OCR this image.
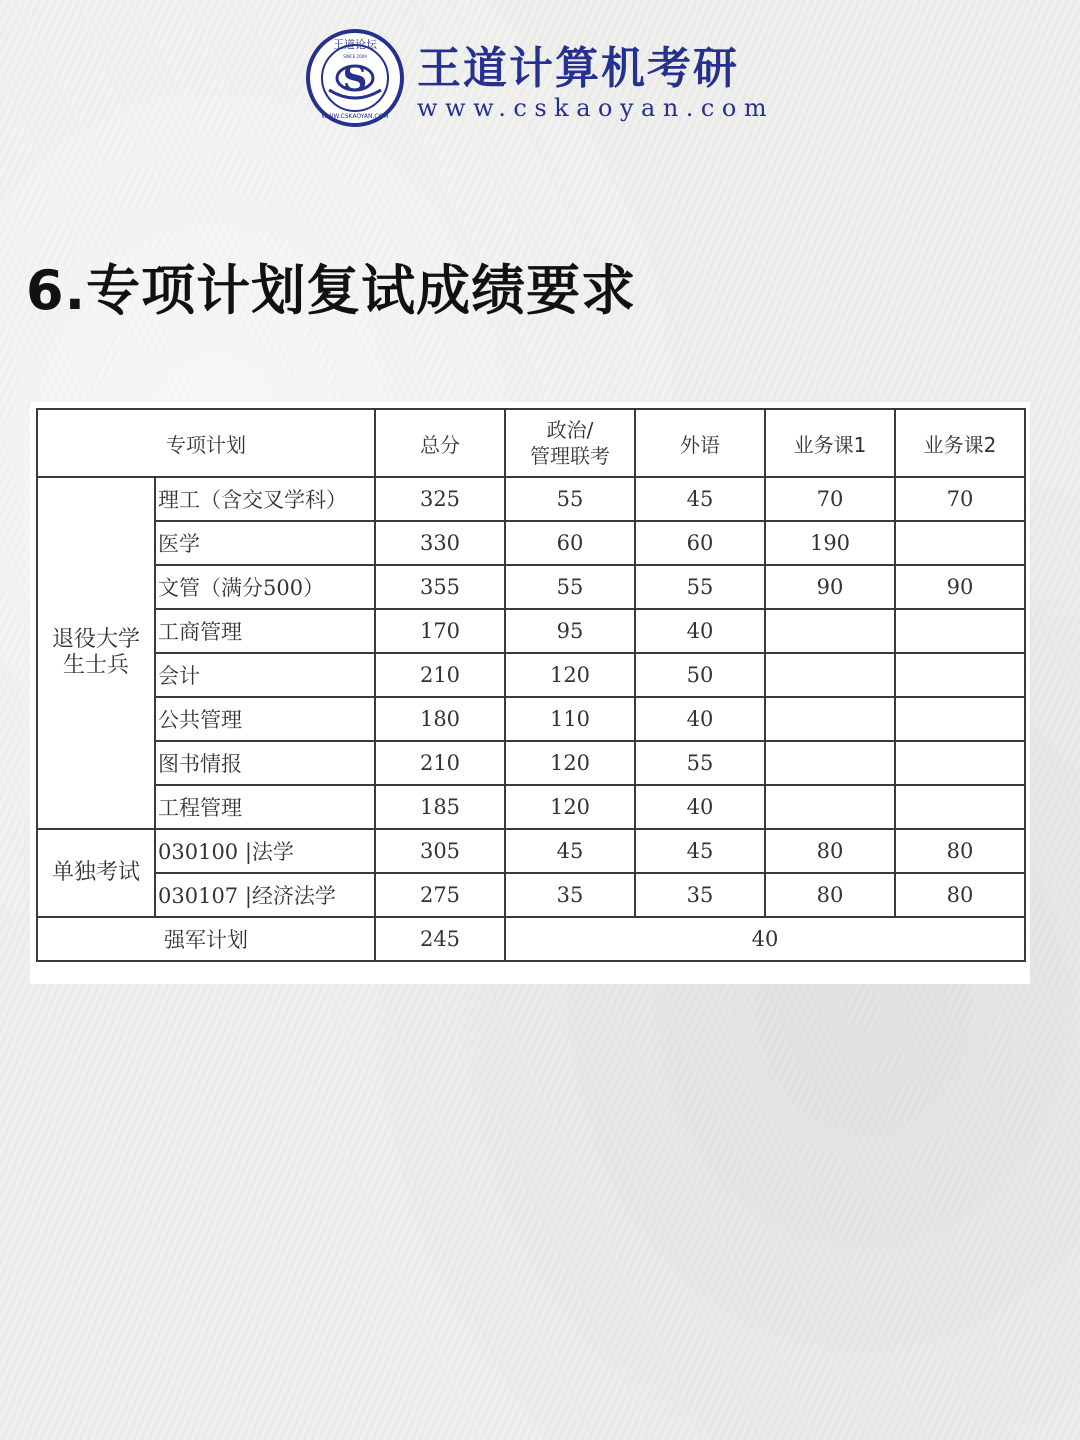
王道论坛
WWW.CSKAOYAN.COM
SINCE 2009
S 王道计算机考研
www.cskaoyan.com
6.专项计划复试成绩要求
专项计划		总分	政治/
管理联考	外语	业务课1	业务课2

退役大学
生士兵	理工（含交叉学科）	325	55	45	70	70
	医学	330	60	60	190	
	文管（满分500）	355	55	55	90	90
	工商管理	170	95	40		
	会计	210	120	50		
	公共管理	180	110	40		
	图书情报	210	120	55		
	工程管理	185	120	40		
单独考试	030100 |法学	305	45	45	80	80
	030107 |经济法学	275	35	35	80	80
强军计划		245	40			
